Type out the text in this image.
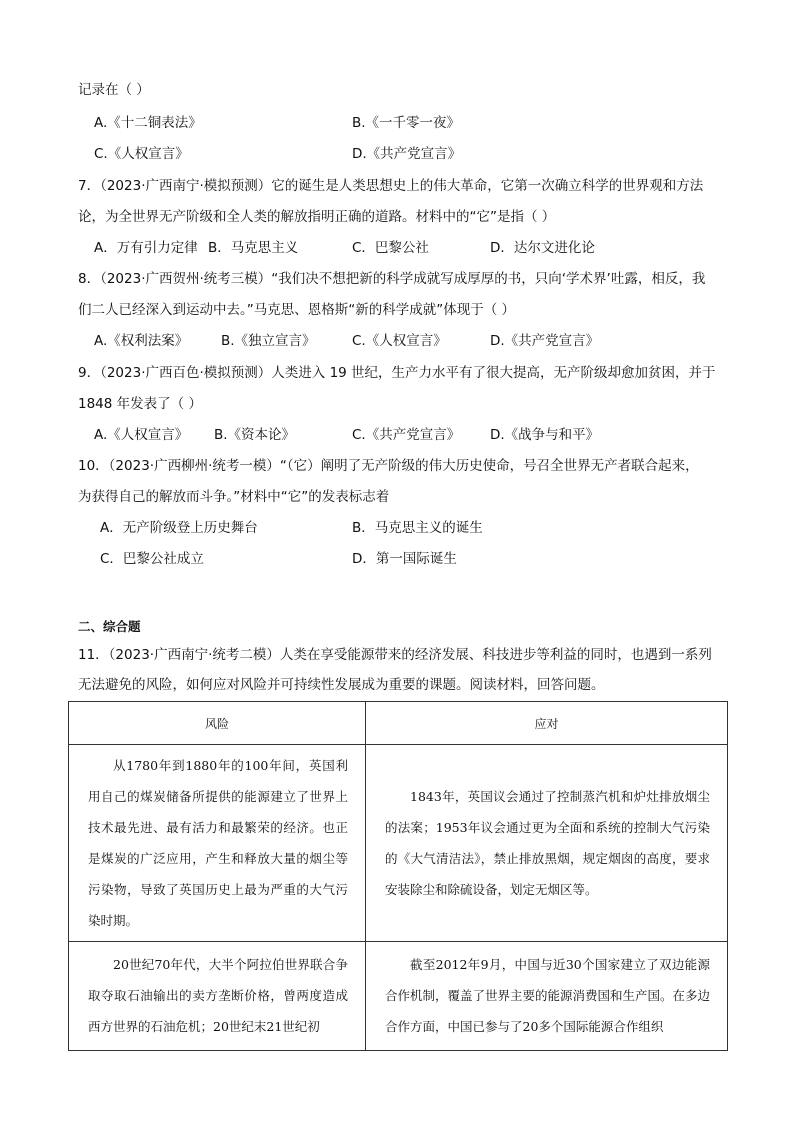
记录在（ ）
A.《十二铜表法》	B.《一千零一夜》
C.《人权宣言》	D.《共产党宣言》
7．（2023·广西南宁·模拟预测）它的诞生是人类思想史上的伟大革命，它第一次确立科学的世界观和方法
论，为全世界无产阶级和全人类的解放指明正确的道路。材料中的“它”是指（ ）
A．万有引力定律 B．马克思主义	C．巴黎公社	D．达尔文进化论
8．（2023·广西贺州·统考三模）“我们决不想把新的科学成就写成厚厚的书，只向‘学术界’吐露，相反，我
们二人已经深入到运动中去。”马克思、恩格斯“新的科学成就”体现于（ ）
A.《权利法案》 B.《独立宣言》	C.《人权宣言》	D.《共产党宣言》
9．（2023·广西百色·模拟预测）人类进入 19 世纪，生产力水平有了很大提高，无产阶级却愈加贫困，并于
1848 年发表了（ ）
A.《人权宣言》 B.《资本论》	C.《共产党宣言》 D.《战争与和平》
10．（2023·广西柳州·统考一模）“（它）阐明了无产阶级的伟大历史使命，号召全世界无产者联合起来，
为获得自己的解放而斗争。”材料中“它”的发表标志着
A．无产阶级登上历史舞台	B．马克思主义的诞生
C．巴黎公社成立	D．第一国际诞生
二、综合题
11．（2023·广西南宁·统考二模）人类在享受能源带来的经济发展、科技进步等利益的同时，也遇到一系列
无法避免的风险，如何应对风险并可持续性发展成为重要的课题。阅读材料，回答问题。
风险	应对

从1780年到1880年的100年间，英国利用自己的煤炭储备所提供的能源建立了世界上技术最先进、最有活力和最繁荣的经济。也正是煤炭的广泛应用，产生和释放大量的烟尘等污染物，导致了英国历史上最为严重的大气污染时期。	1843年，英国议会通过了控制蒸汽机和炉灶排放烟尘的法案；1953年议会通过更为全面和系统的控制大气污染的《大气清洁法》，禁止排放黑烟，规定烟囱的高度，要求安装除尘和除硫设备，划定无烟区等。

20世纪70年代，大半个阿拉伯世界联合争取夺取石油输出的卖方垄断价格，曾两度造成西方世界的石油危机；20世纪末21世纪初	截至2012年9月，中国与近30个国家建立了双边能源合作机制，覆盖了世界主要的能源消费国和生产国。在多边合作方面，中国已参与了20多个国际能源合作组织
